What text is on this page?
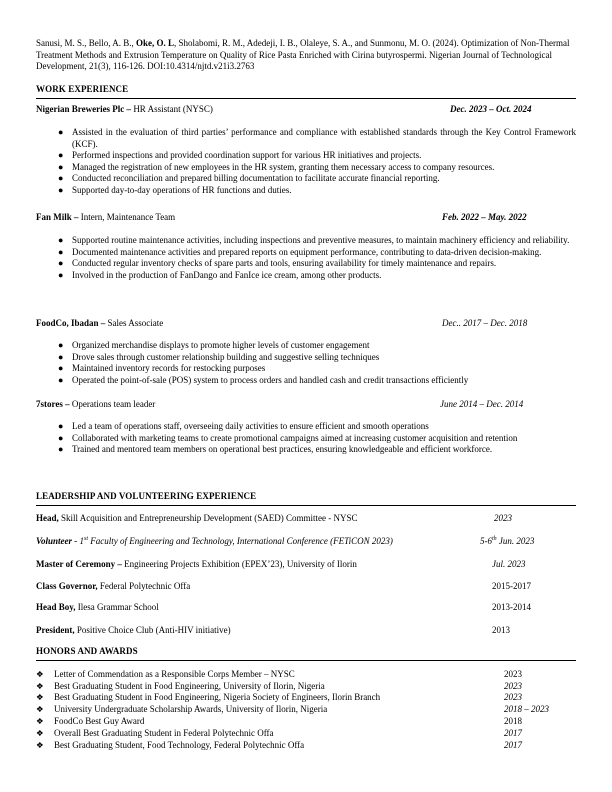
Sanusi, M. S., Bello, A. B., Oke, O. L, Sholabomi, R. M., Adedeji, I. B., Olaleye, S. A., and Sunmonu, M. O. (2024). Optimization of Non-Thermal Treatment Methods and Extrusion Temperature on Quality of Rice Pasta Enriched with Cirina butyrospermi. Nigerian Journal of Technological Development, 21(3), 116-126. DOI:10.4314/njtd.v21i3.2763
WORK EXPERIENCE
Nigerian Breweries Plc – HR Assistant (NYSC)	Dec. 2023 – Oct. 2024
● Assisted in the evaluation of third parties’ performance and compliance with established standards through the Key Control Framework (KCF).
● Performed inspections and provided coordination support for various HR initiatives and projects.
● Managed the registration of new employees in the HR system, granting them necessary access to company resources.
● Conducted reconciliation and prepared billing documentation to facilitate accurate financial reporting.
● Supported day-to-day operations of HR functions and duties.
Fan Milk – Intern, Maintenance Team	Feb. 2022 – May. 2022
● Supported routine maintenance activities, including inspections and preventive measures, to maintain machinery efficiency and reliability.
● Documented maintenance activities and prepared reports on equipment performance, contributing to data-driven decision-making.
● Conducted regular inventory checks of spare parts and tools, ensuring availability for timely maintenance and repairs.
● Involved in the production of FanDango and FanIce ice cream, among other products.
FoodCo, Ibadan – Sales Associate	Dec.. 2017 – Dec. 2018
● Organized merchandise displays to promote higher levels of customer engagement
● Drove sales through customer relationship building and suggestive selling techniques
● Maintained inventory records for restocking purposes
● Operated the point-of-sale (POS) system to process orders and handled cash and credit transactions efficiently
7stores – Operations team leader	June 2014 – Dec. 2014
● Led a team of operations staff, overseeing daily activities to ensure efficient and smooth operations
● Collaborated with marketing teams to create promotional campaigns aimed at increasing customer acquisition and retention
● Trained and mentored team members on operational best practices, ensuring knowledgeable and efficient workforce.
LEADERSHIP AND VOLUNTEERING EXPERIENCE
Head, Skill Acquisition and Entrepreneurship Development (SAED) Committee - NYSC	2023
Volunteer - 1st Faculty of Engineering and Technology, International Conference (FETiCON 2023)	5-6th Jun. 2023
Master of Ceremony – Engineering Projects Exhibition (EPEX’23), University of Ilorin	Jul. 2023
Class Governor, Federal Polytechnic Offa	2015-2017
Head Boy, Ilesa Grammar School	2013-2014
President, Positive Choice Club (Anti-HIV initiative)	2013
HONORS AND AWARDS
❖ Letter of Commendation as a Responsible Corps Member – NYSC	2023
❖ Best Graduating Student in Food Engineering, University of Ilorin, Nigeria	2023
❖ Best Graduating Student in Food Engineering, Nigeria Society of Engineers, Ilorin Branch	2023
❖ University Undergraduate Scholarship Awards, University of Ilorin, Nigeria	2018 – 2023
❖ FoodCo Best Guy Award	2018
❖ Overall Best Graduating Student in Federal Polytechnic Offa	2017
❖ Best Graduating Student, Food Technology, Federal Polytechnic Offa	2017
